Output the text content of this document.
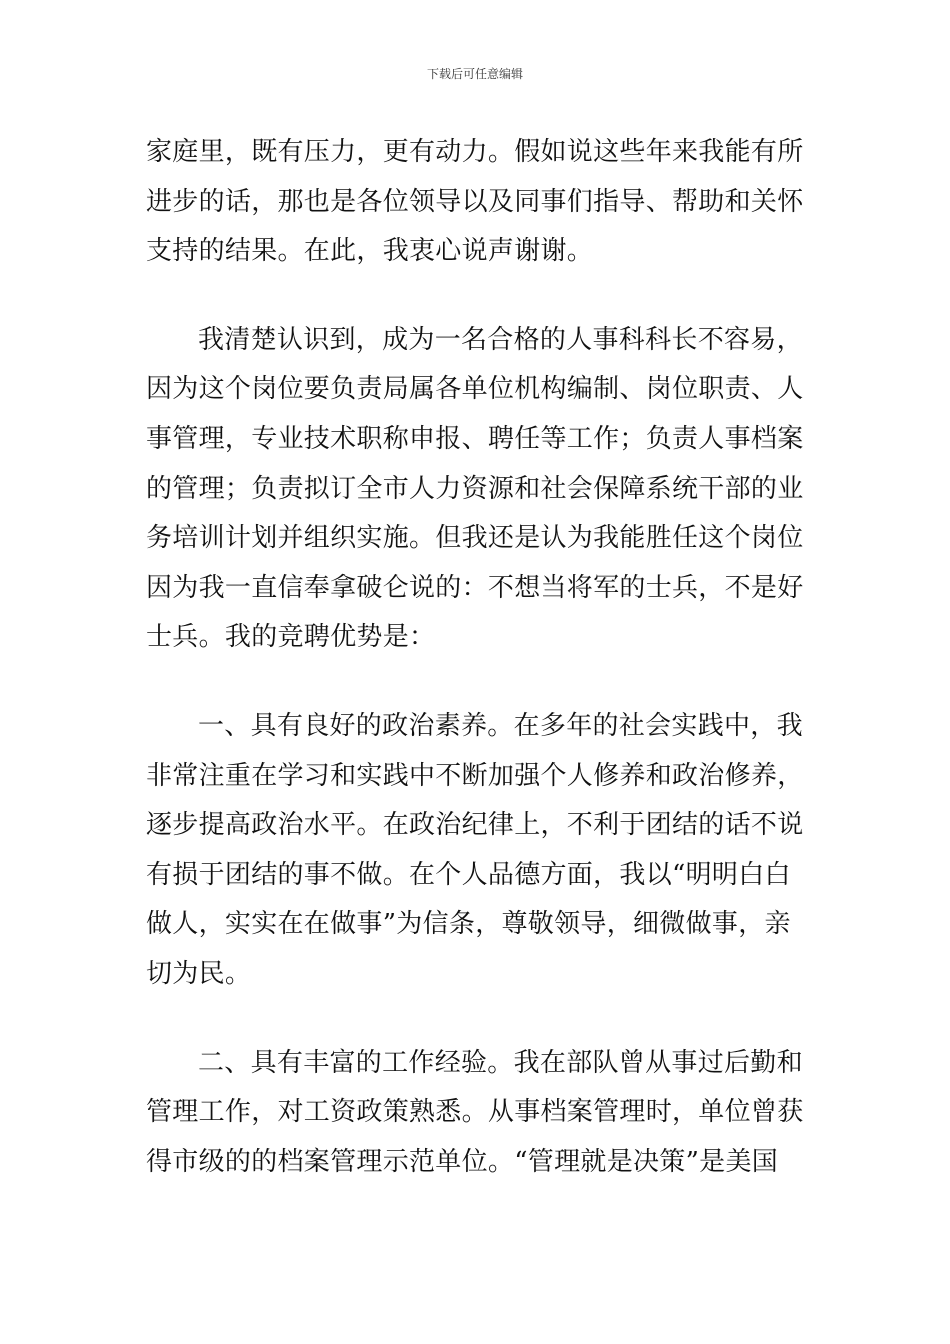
下载后可任意编辑
家庭里，既有压力，更有动力。假如说这些年来我能有所
进步的话，那也是各位领导以及同事们指导、帮助和关怀
支持的结果。在此，我衷心说声谢谢。
我清楚认识到，成为一名合格的人事科科长不容易，
因为这个岗位要负责局属各单位机构编制、岗位职责、人
事管理，专业技术职称申报、聘任等工作；负责人事档案
的管理；负责拟订全市人力资源和社会保障系统干部的业
务培训计划并组织实施。但我还是认为我能胜任这个岗位
因为我一直信奉拿破仑说的：不想当将军的士兵，不是好
士兵。我的竞聘优势是：
一、具有良好的政治素养。在多年的社会实践中，我
非常注重在学习和实践中不断加强个人修养和政治修养，
逐步提高政治水平。在政治纪律上，不利于团结的话不说
有损于团结的事不做。在个人品德方面，我以“明明白白
做人，实实在在做事”为信条，尊敬领导，细微做事，亲
切为民。
二、具有丰富的工作经验。我在部队曾从事过后勤和
管理工作，对工资政策熟悉。从事档案管理时，单位曾获
得市级的的档案管理示范单位。“管理就是决策”是美国
